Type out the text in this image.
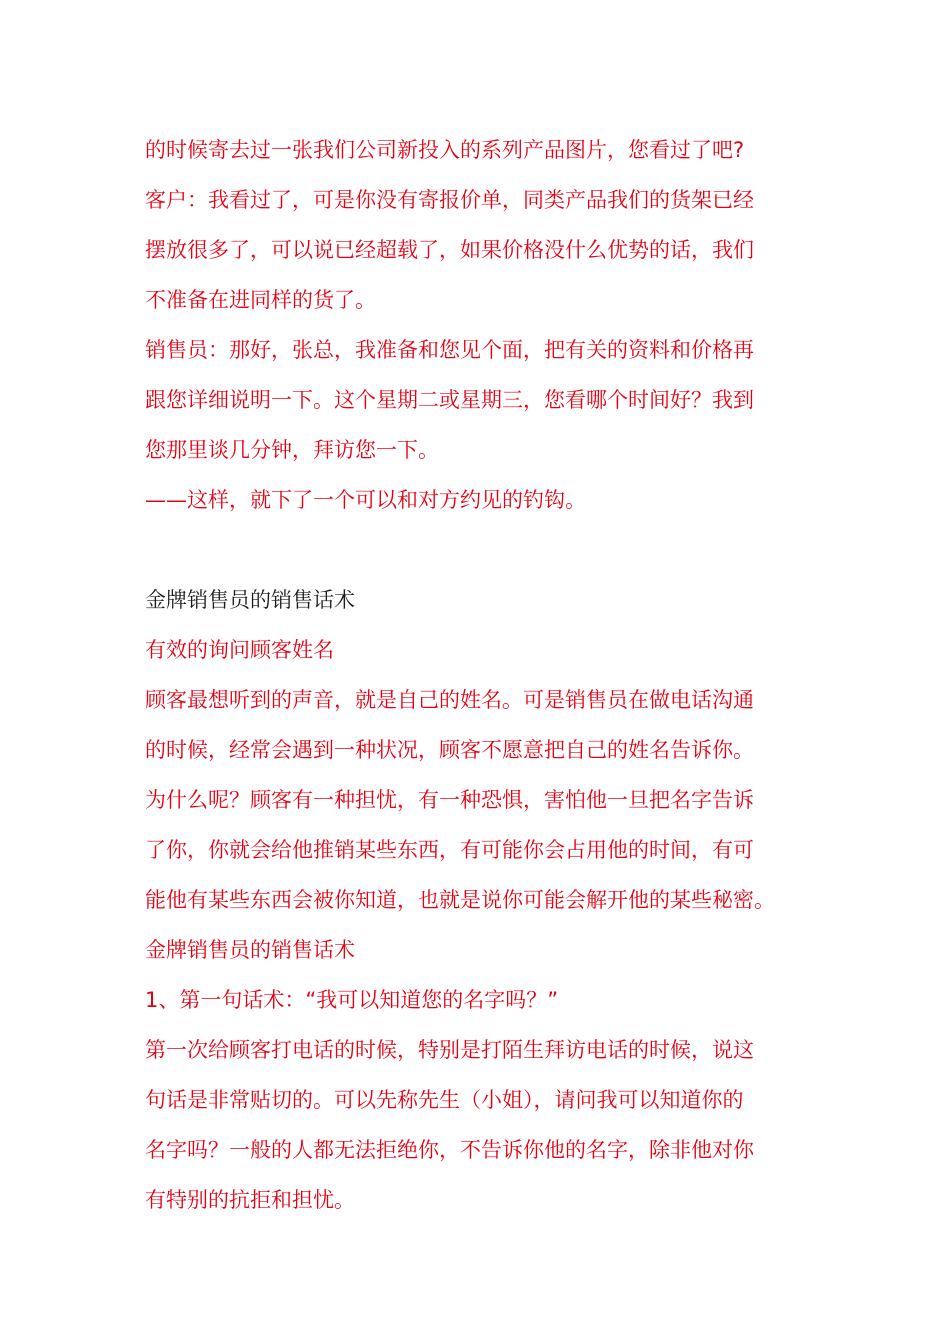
的时候寄去过一张我们公司新投入的系列产品图片，您看过了吧?
客户：我看过了，可是你没有寄报价单，同类产品我们的货架已经
摆放很多了，可以说已经超载了，如果价格没什么优势的话，我们
不准备在进同样的货了。
销售员：那好，张总，我准备和您见个面，把有关的资料和价格再
跟您详细说明一下。这个星期二或星期三，您看哪个时间好？我到
您那里谈几分钟，拜访您一下。
——这样，就下了一个可以和对方约见的钓钩。
金牌销售员的销售话术
有效的询问顾客姓名
顾客最想听到的声音，就是自己的姓名。可是销售员在做电话沟通
的时候，经常会遇到一种状况，顾客不愿意把自己的姓名告诉你。
为什么呢？顾客有一种担忧，有一种恐惧，害怕他一旦把名字告诉
了你，你就会给他推销某些东西，有可能你会占用他的时间，有可
能他有某些东西会被你知道，也就是说你可能会解开他的某些秘密。
金牌销售员的销售话术
1、第一句话术：“我可以知道您的名字吗？”
第一次给顾客打电话的时候，特别是打陌生拜访电话的时候，说这
句话是非常贴切的。可以先称先生（小姐），请问我可以知道你的
名字吗？一般的人都无法拒绝你，不告诉你他的名字，除非他对你
有特别的抗拒和担忧。
